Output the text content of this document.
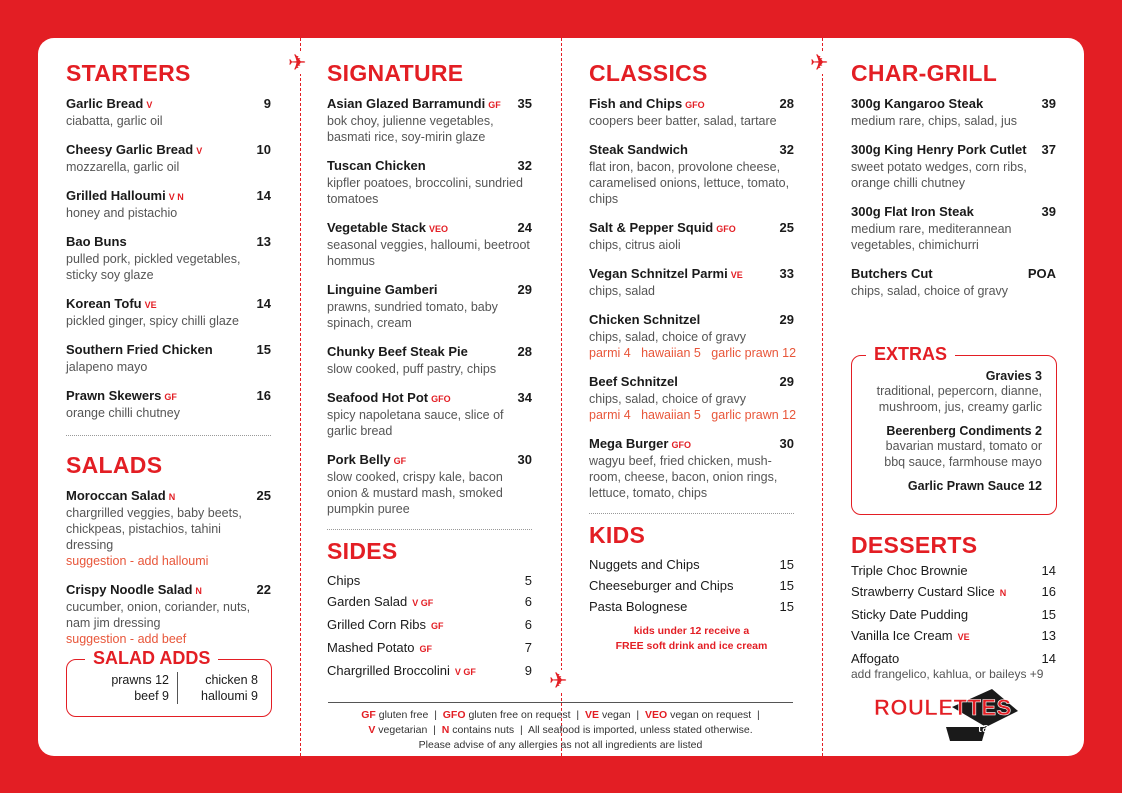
✈	✈
✈
STARTERS
Garlic Bread V	9
ciabatta, garlic oil
Cheesy Garlic Bread V	10
mozzarella, garlic oil
Grilled Halloumi V N	14
honey and pistachio
Bao Buns	13
pulled pork, pickled vegetables, sticky soy glaze
Korean Tofu VE	14
pickled ginger, spicy chilli glaze
Southern Fried Chicken	15
jalapeno mayo
Prawn Skewers GF	16
orange chilli chutney
SALADS
Moroccan Salad N	25
chargrilled veggies, baby beets, chickpeas, pistachios, tahini dressing
suggestion - add halloumi
Crispy Noodle Salad N	22
cucumber, onion, coriander, nuts, nam jim dressing
suggestion - add beef
SALAD ADDS
prawns 12
beef 9
chicken 8
halloumi 9
SIGNATURE
Asian Glazed Barramundi GF 35
bok choy, julienne vegetables, basmati rice, soy-mirin glaze
Tuscan Chicken	32
kipfler poatoes, broccolini, sundried tomatoes
Vegetable Stack VEO	24
seasonal veggies, halloumi, beetroot hommus
Linguine Gamberi	29
prawns, sundried tomato, baby spinach, cream
Chunky Beef Steak Pie	28
slow cooked, puff pastry, chips
Seafood Hot Pot GFO	34
spicy napoletana sauce, slice of garlic bread
Pork Belly GF	30
slow cooked, crispy kale, bacon onion & mustard mash, smoked pumpkin puree
SIDES
Chips	5
Garden Salad V GF	6
Grilled Corn Ribs GF	6
Mashed Potato GF	7
Chargrilled Broccolini V GF	9
CLASSICS
Fish and Chips GFO	28
coopers beer batter, salad, tartare
Steak Sandwich	32
flat iron, bacon, provolone cheese, caramelised onions, lettuce, tomato, chips
Salt & Pepper Squid GFO	25
chips, citrus aioli
Vegan Schnitzel Parmi VE	33
chips, salad
Chicken Schnitzel	29
chips, salad, choice of gravy
parmi 4   hawaiian 5   garlic prawn 12
Beef Schnitzel	29
chips, salad, choice of gravy
parmi 4   hawaiian 5   garlic prawn 12
Mega Burger GFO	30
wagyu beef, fried chicken, mush-room, cheese, bacon, onion rings, lettuce, tomato, chips
KIDS
Nuggets and Chips	15
Cheeseburger and Chips	15
Pasta Bolognese	15
kids under 12 receive a
FREE soft drink and ice cream
GF gluten free  |  GFO gluten free on request  |  VE vegan  |  VEO vegan on request  |
V vegetarian  |  N contains nuts  |  All seafood is imported, unless stated otherwise.
Please advise of any allergies as not all ingredients are listed
CHAR-GRILL
300g Kangaroo Steak	39
medium rare, chips, salad, jus
300g King Henry Pork Cutlet 37
sweet potato wedges, corn ribs, orange chilli chutney
300g Flat Iron Steak	39
medium rare, mediterannean vegetables, chimichurri
Butchers Cut	POA
chips, salad, choice of gravy
EXTRAS
Gravies 3
traditional, pepercorn, dianne, mushroom, jus, creamy garlic
Beerenberg Condiments 2
bavarian mustard, tomato or bbq sauce, farmhouse mayo
Garlic Prawn Sauce 12
DESSERTS
Triple Choc Brownie	14
Strawberry Custard Slice N	16
Sticky Date Pudding	15
Vanilla Ice Cream VE	13
Affogato	14
add frangelico, kahlua, or baileys +9
ROULETTES
tavern
